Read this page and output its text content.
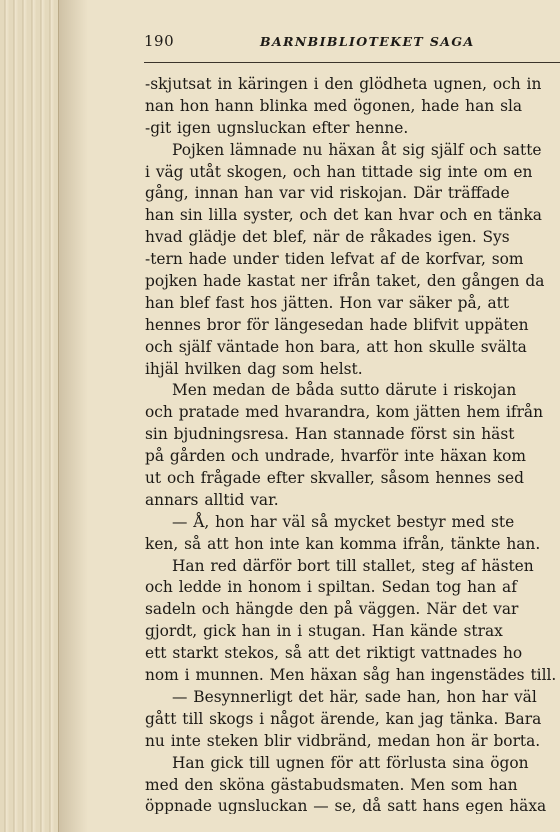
190	BARNBIBLIOTEKET SAGA
-skjutsat in käringen i den glödheta ugnen, och in
nan hon hann blinka med ögonen, hade han sla
-git igen ugnsluckan efter henne.
Pojken lämnade nu häxan åt sig själf och satte
i väg utåt skogen, och han tittade sig inte om en
gång, innan han var vid riskojan. Där träffade
han sin lilla syster, och det kan hvar och en tänka
hvad glädje det blef, när de råkades igen. Sys
-tern hade under tiden lefvat af de korfvar, som
pojken hade kastat ner ifrån taket, den gången da
han blef fast hos jätten. Hon var säker på, att
hennes bror för längesedan hade blifvit uppäten
och själf väntade hon bara, att hon skulle svälta
ihjäl hvilken dag som helst.
Men medan de båda sutto därute i riskojan
och pratade med hvarandra, kom jätten hem ifrån
sin bjudningsresa. Han stannade först sin häst
på gården och undrade, hvarför inte häxan kom
ut och frågade efter skvaller, såsom hennes sed
annars alltid var.
— Å, hon har väl så mycket bestyr med ste
ken, så att hon inte kan komma ifrån, tänkte han.
Han red därför bort till stallet, steg af hästen
och ledde in honom i spiltan. Sedan tog han af
sadeln och hängde den på väggen. När det var
gjordt, gick han in i stugan. Han kände strax
ett starkt stekos, så att det riktigt vattnades ho
nom i munnen. Men häxan såg han ingenstädes till.
— Besynnerligt det här, sade han, hon har väl
gått till skogs i något ärende, kan jag tänka. Bara
nu inte steken blir vidbränd, medan hon är borta.
Han gick till ugnen för att förlusta sina ögon
med den sköna gästabudsmaten. Men som han
öppnade ugnsluckan — se, då satt hans egen häxa
